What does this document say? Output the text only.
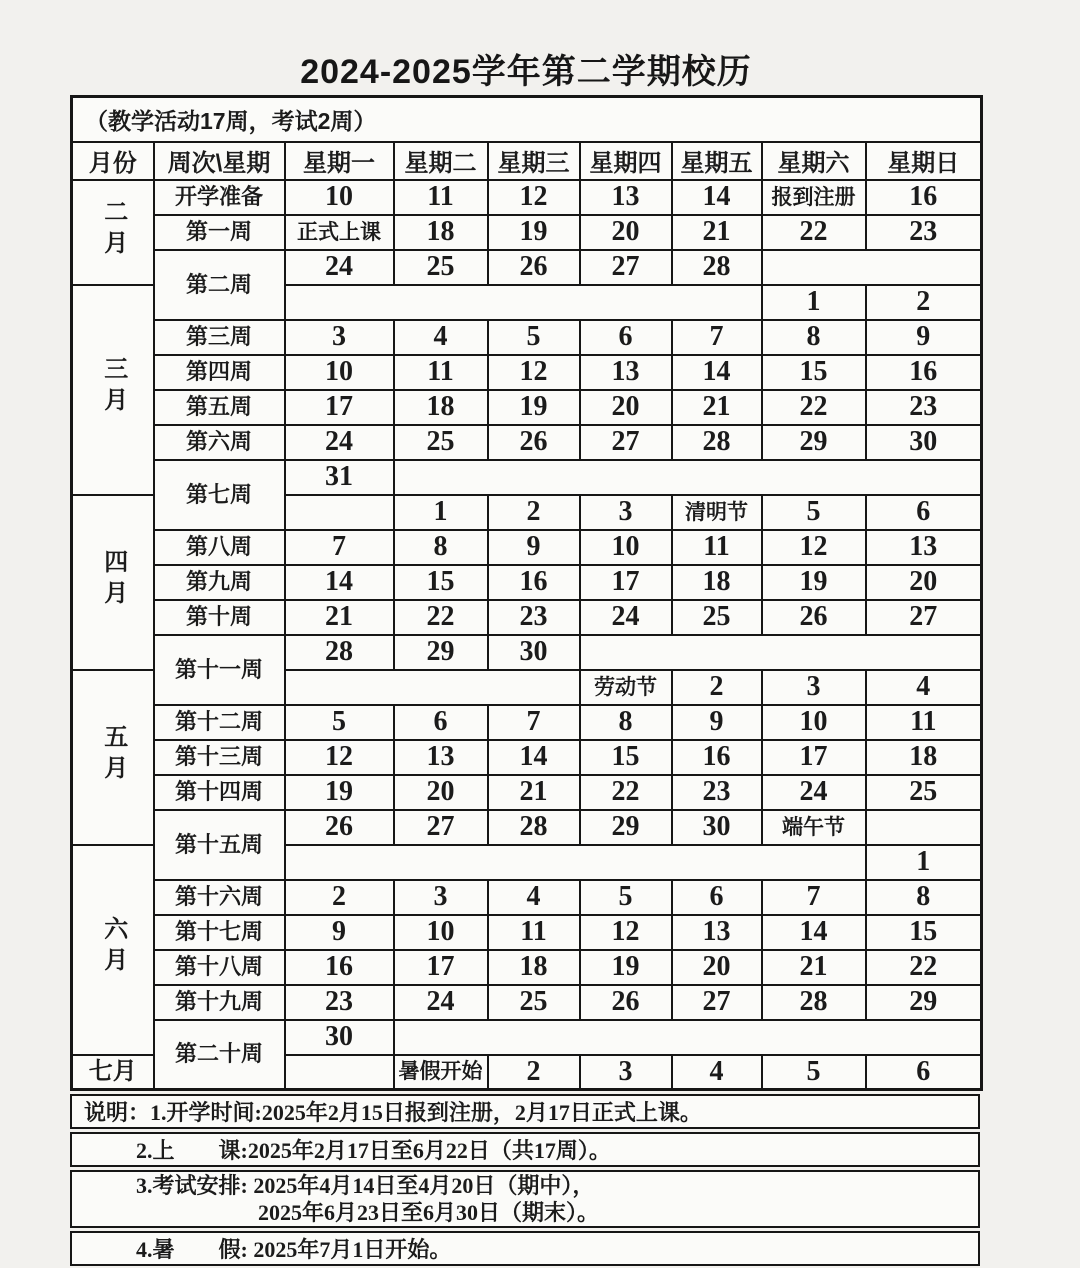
2024-2025学年第二学期校历
（教学活动17周，考试2周）								
月份	周次\星期	星期一	星期二	星期三	星期四	星期五	星期六	星期日
二月	开学准备	10	11	12	13	14	报到注册	16
	第一周	正式上课	18	19	20	21	22	23
	第二周	24	25	26	27	28		
三月							1	2
	第三周	3	4	5	6	7	8	9
	第四周	10	11	12	13	14	15	16
	第五周	17	18	19	20	21	22	23
	第六周	24	25	26	27	28	29	30
	第七周	31						
四月			1	2	3	清明节	5	6
	第八周	7	8	9	10	11	12	13
	第九周	14	15	16	17	18	19	20
	第十周	21	22	23	24	25	26	27
	第十一周	28	29	30				
五月					劳动节	2	3	4
	第十二周	5	6	7	8	9	10	11
	第十三周	12	13	14	15	16	17	18
	第十四周	19	20	21	22	23	24	25
	第十五周	26	27	28	29	30	端午节	
六月								1
	第十六周	2	3	4	5	6	7	8
	第十七周	9	10	11	12	13	14	15
	第十八周	16	17	18	19	20	21	22
	第十九周	23	24	25	26	27	28	29
	第二十周	30						
七月			暑假开始	2	3	4	5	6
说明：1.开学时间:2025年2月15日报到注册，2月17日正式上课。
2.上　　课:2025年2月17日至6月22日（共17周）。
3.考试安排: 2025年4月14日至4月20日（期中），
2025年6月23日至6月30日（期末）。
4.暑　　假: 2025年7月1日开始。
